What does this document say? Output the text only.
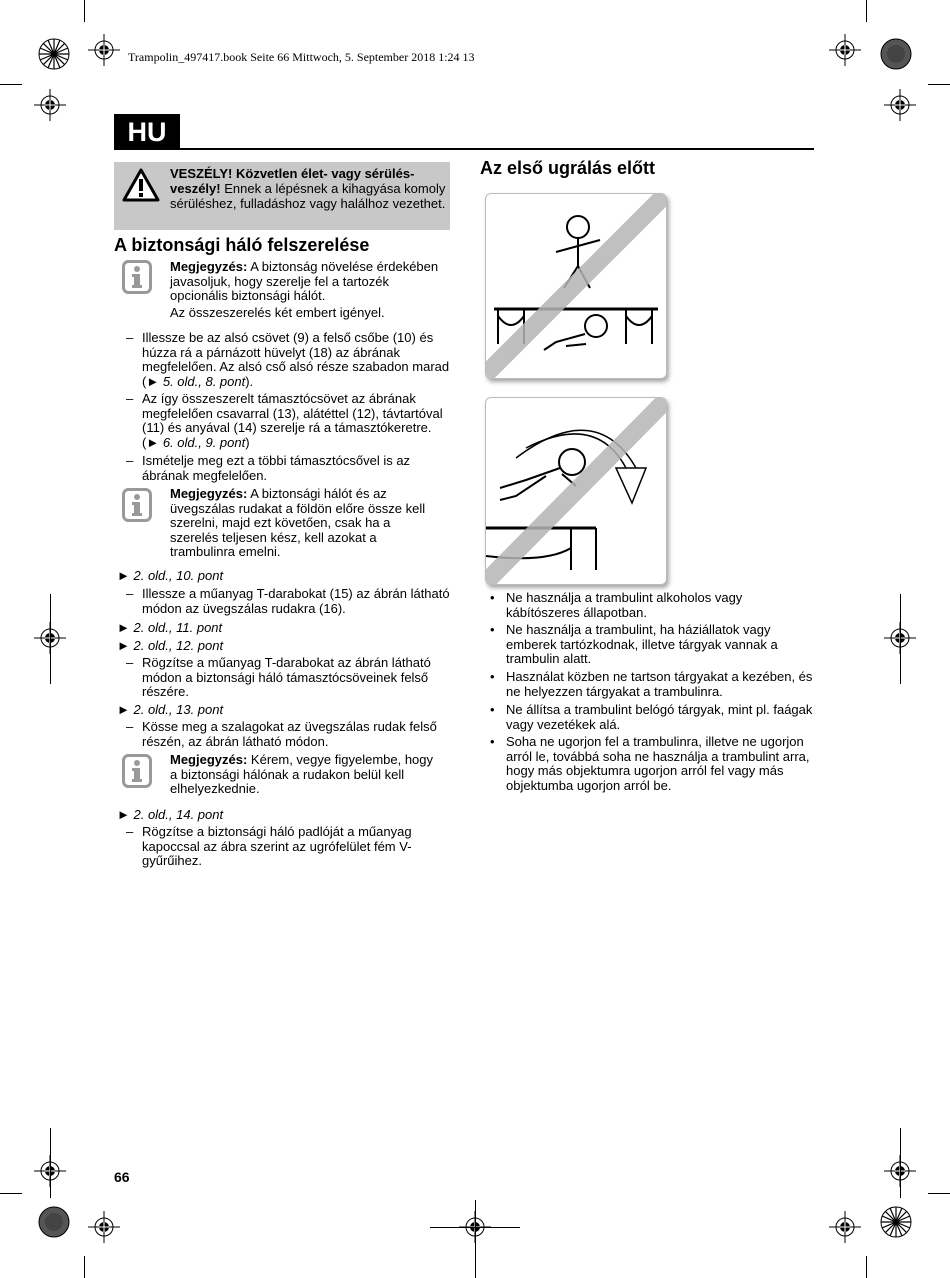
Trampolin_497417.book Seite 66 Mittwoch, 5. September 2018 1:24 13
HU
VESZÉLY! Közvetlen élet- vagy sérülés-veszély! Ennek a lépésnek a kihagyása komoly sérüléshez, fulladáshoz vagy halálhoz vezethet.
A biztonsági háló felszerelése
Megjegyzés: A biztonság növelése érdekében javasoljuk, hogy szerelje fel a tartozék opcionális biztonsági hálót.
Az összeszerelés két embert igényel.
– Illessze be az alsó csövet (9) a felső csőbe (10) és húzza rá a párnázott hüvelyt (18) az ábrának megfelelően. Az alsó cső alsó része szabadon marad (► 5. old., 8. pont).
– Az így összeszerelt támasztócsövet az ábrának megfelelően csavarral (13), alátéttel (12), távtartóval (11) és anyával (14) szerelje rá a támasztókeretre. (► 6. old., 9. pont)
– Ismételje meg ezt a többi támasztócsővel is az ábrának megfelelően.
Megjegyzés: A biztonsági hálót és az üvegszálas rudakat a földön előre össze kell szerelni, majd ezt követően, csak ha a szerelés teljesen kész, kell azokat a trambulinra emelni.
► 2. old., 10. pont
– Illessze a műanyag T-darabokat (15) az ábrán látható módon az üvegszálas rudakra (16).
► 2. old., 11. pont
► 2. old., 12. pont
– Rögzítse a műanyag T-darabokat az ábrán látható módon a biztonsági háló támasztócsöveinek felső részére.
► 2. old., 13. pont
– Kösse meg a szalagokat az üvegszálas rudak felső részén, az ábrán látható módon.
Megjegyzés: Kérem, vegye figyelembe, hogy a biztonsági hálónak a rudakon belül kell elhelyezkednie.
► 2. old., 14. pont
– Rögzítse a biztonsági háló padlóját a műanyag kapoccsal az ábra szerint az ugrófelület fém V-gyűrűihez.
Az első ugrálás előtt
• Ne használja a trambulint alkoholos vagy kábítószeres állapotban.
• Ne használja a trambulint, ha háziállatok vagy emberek tartózkodnak, illetve tárgyak vannak a trambulin alatt.
• Használat közben ne tartson tárgyakat a kezében, és ne helyezzen tárgyakat a trambulinra.
• Ne állítsa a trambulint belógó tárgyak, mint pl. faágak vagy vezetékek alá.
• Soha ne ugorjon fel a trambulinra, illetve ne ugorjon arról le, továbbá soha ne használja a trambulint arra, hogy más objektumra ugorjon arról fel vagy más objektumba ugorjon arról be.
66
